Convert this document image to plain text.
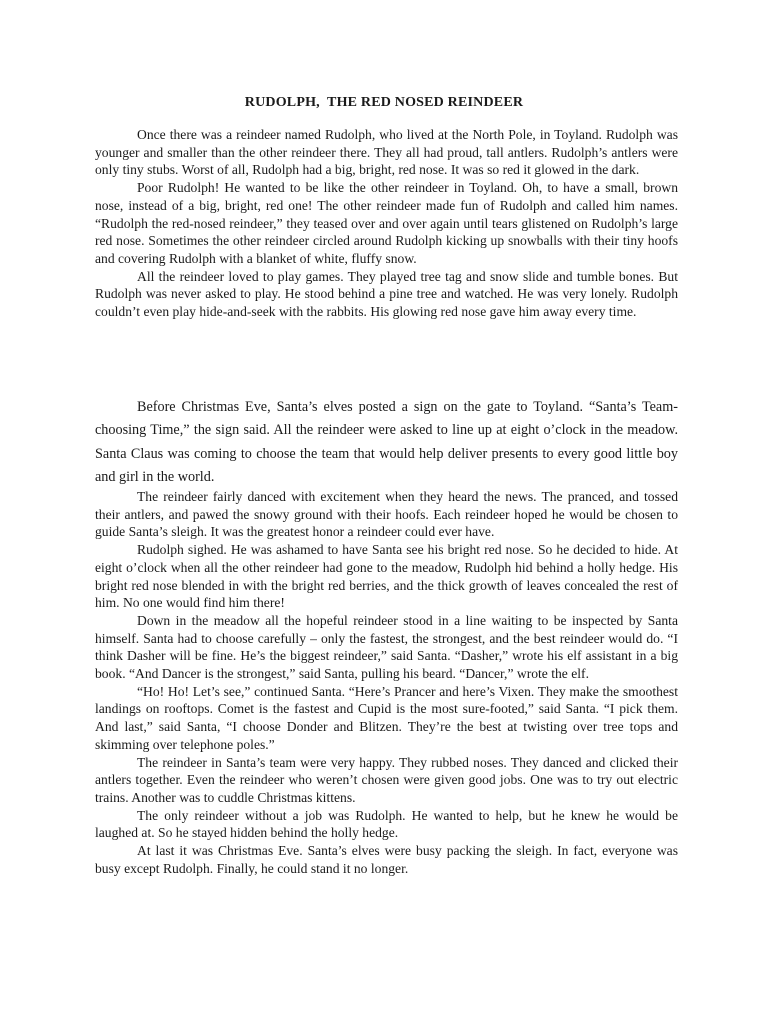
RUDOLPH,  THE RED NOSED REINDEER

Once there was a reindeer named Rudolph, who lived at the North Pole, in Toyland. Rudolph was younger and smaller than the other reindeer there. They all had proud, tall antlers. Rudolph’s antlers were only tiny stubs. Worst of all, Rudolph had a big, bright, red nose. It was so red it glowed in the dark.

Poor Rudolph! He wanted to be like the other reindeer in Toyland. Oh, to have a small, brown nose, instead of a big, bright, red one! The other reindeer made fun of Rudolph and called him names. “Rudolph the red-nosed reindeer,” they teased over and over again until tears glistened on Rudolph’s large red nose. Sometimes the other reindeer circled around Rudolph kicking up snowballs with their tiny hoofs and covering Rudolph with a blanket of white, fluffy snow.

All the reindeer loved to play games. They played tree tag and snow slide and tumble bones. But Rudolph was never asked to play. He stood behind a pine tree and watched. He was very lonely. Rudolph couldn’t even play hide-and-seek with the rabbits. His glowing red nose gave him away every time.

Before Christmas Eve, Santa’s elves posted a sign on the gate to Toyland. “Santa’s Team-choosing Time,” the sign said. All the reindeer were asked to line up at eight o’clock in the meadow. Santa Claus was coming to choose the team that would help deliver presents to every good little boy and girl in the world.

The reindeer fairly danced with excitement when they heard the news. The pranced, and tossed their antlers, and pawed the snowy ground with their hoofs. Each reindeer hoped he would be chosen to guide Santa’s sleigh. It was the greatest honor a reindeer could ever have.

Rudolph sighed. He was ashamed to have Santa see his bright red nose. So he decided to hide. At eight o’clock when all the other reindeer had gone to the meadow, Rudolph hid behind a holly hedge. His bright red nose blended in with the bright red berries, and the thick growth of leaves concealed the rest of him. No one would find him there!

Down in the meadow all the hopeful reindeer stood in a line waiting to be inspected by Santa himself. Santa had to choose carefully – only the fastest, the strongest, and the best reindeer would do. “I think Dasher will be fine. He’s the biggest reindeer,” said Santa. “Dasher,” wrote his elf assistant in a big book. “And Dancer is the strongest,” said Santa, pulling his beard. “Dancer,” wrote the elf.

“Ho! Ho! Let’s see,” continued Santa. “Here’s Prancer and here’s Vixen. They make the smoothest landings on rooftops. Comet is the fastest and Cupid is the most sure-footed,” said Santa. “I pick them. And last,” said Santa, “I choose Donder and Blitzen. They’re the best at twisting over tree tops and skimming over telephone poles.”

The reindeer in Santa’s team were very happy. They rubbed noses. They danced and clicked their antlers together. Even the reindeer who weren’t chosen were given good jobs. One was to try out electric trains. Another was to cuddle Christmas kittens.

The only reindeer without a job was Rudolph. He wanted to help, but he knew he would be laughed at. So he stayed hidden behind the holly hedge.

At last it was Christmas Eve. Santa’s elves were busy packing the sleigh. In fact, everyone was busy except Rudolph. Finally, he could stand it no longer.
